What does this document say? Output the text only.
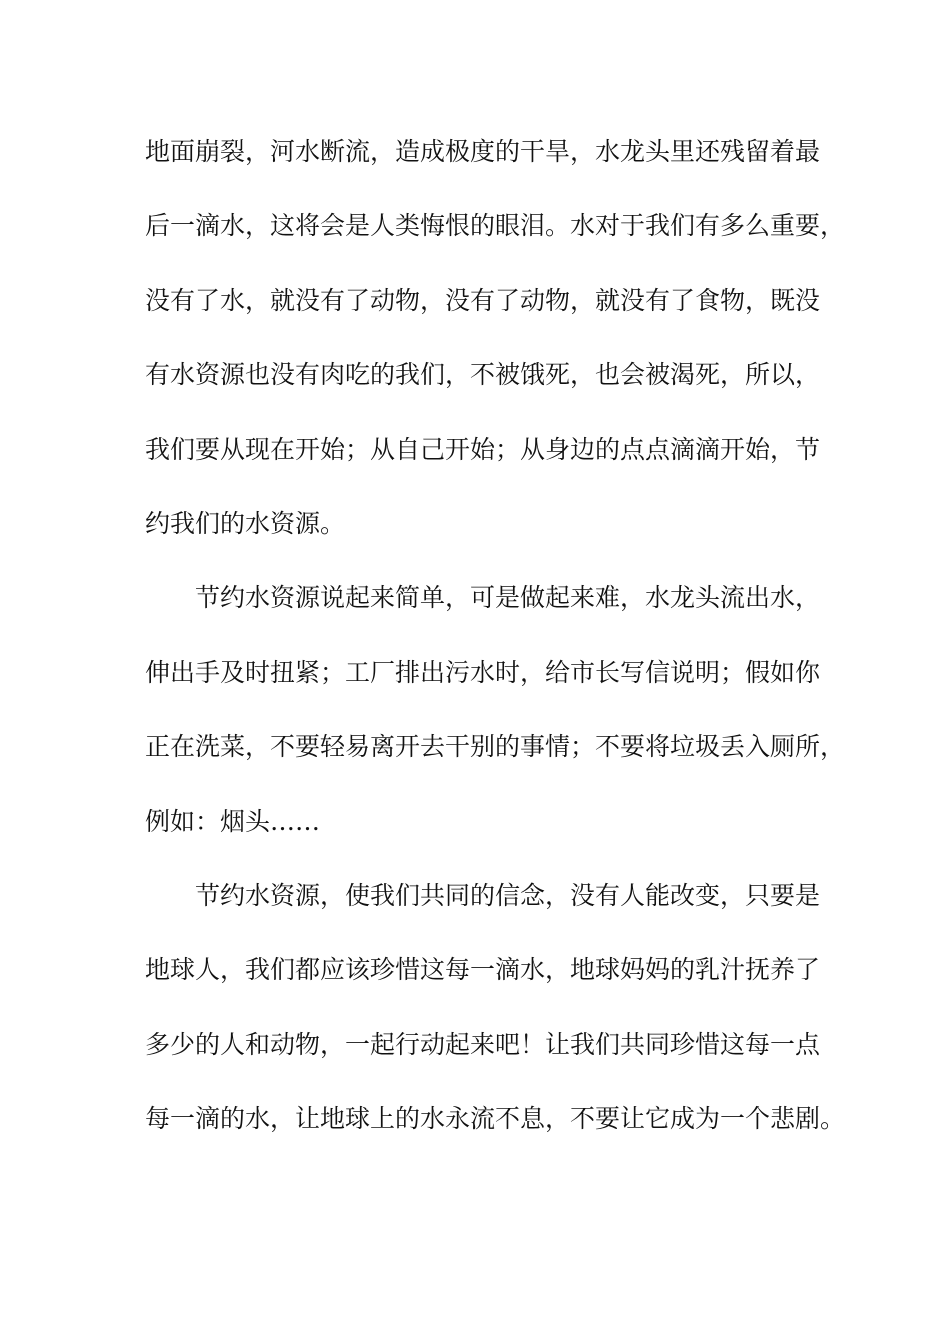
地面崩裂，河水断流，造成极度的干旱，水龙头里还残留着最
后一滴水，这将会是人类悔恨的眼泪。水对于我们有多么重要，
没有了水，就没有了动物，没有了动物，就没有了食物，既没
有水资源也没有肉吃的我们，不被饿死，也会被渴死，所以，
我们要从现在开始；从自己开始；从身边的点点滴滴开始，节
约我们的水资源。
节约水资源说起来简单，可是做起来难，水龙头流出水，
伸出手及时扭紧；工厂排出污水时，给市长写信说明；假如你
正在洗菜，不要轻易离开去干别的事情；不要将垃圾丢入厕所，
例如：烟头……
节约水资源，使我们共同的信念，没有人能改变，只要是
地球人，我们都应该珍惜这每一滴水，地球妈妈的乳汁抚养了
多少的人和动物，一起行动起来吧！让我们共同珍惜这每一点
每一滴的水，让地球上的水永流不息，不要让它成为一个悲剧。
